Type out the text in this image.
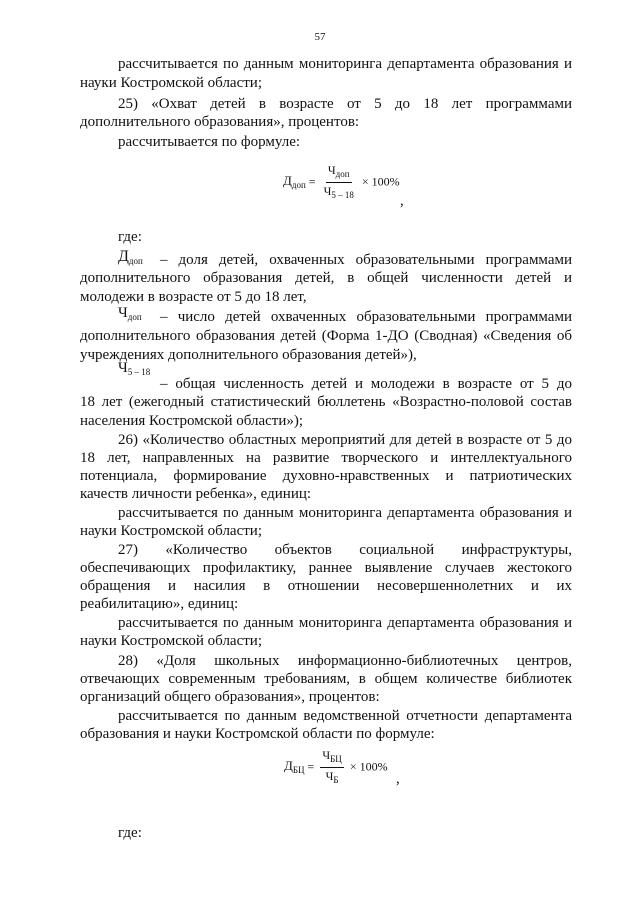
57
рассчитывается по данным мониторинга департамента образования и
науки Костромской области;
25) «Охват детей в возрасте от 5 до 18 лет программами
дополнительного образования», процентов:
рассчитывается по формуле:
$Д_{доп} = \frac{Ч_{доп}}{Ч_{5 - 18}} \times 100\%$
,
где:
$Д_{доп}$ – доля детей, охваченных образовательными программами
дополнительного образования детей, в общей численности детей и
молодежи в возрасте от 5 до 18 лет,
$Ч_{доп}$ – число детей охваченных образовательными программами
дополнительного образования детей (Форма 1-ДО (Сводная) «Сведения об
учреждениях дополнительного образования детей»),
$Ч_{5 - 18}$
– общая численность детей и молодежи в возрасте от 5 до
18 лет (ежегодный статистический бюллетень «Возрастно-половой состав
населения Костромской области»);
26) «Количество областных мероприятий для детей в возрасте от 5 до
18 лет, направленных на развитие творческого и интеллектуального
потенциала, формирование духовно-нравственных и патриотических
качеств личности ребенка», единиц:
рассчитывается по данным мониторинга департамента образования и
науки Костромской области;
27) «Количество объектов социальной инфраструктуры,
обеспечивающих профилактику, раннее выявление случаев жестокого
обращения и насилия в отношении несовершеннолетних и их
реабилитацию», единиц:
рассчитывается по данным мониторинга департамента образования и
науки Костромской области;
28) «Доля школьных информационно-библиотечных центров,
отвечающих современным требованиям, в общем количестве библиотек
организаций общего образования», процентов:
рассчитывается по данным ведомственной отчетности департамента
образования и науки Костромской области по формуле:
$Д_{БЦ} = \frac{Ч_{БЦ}}{Ч_Б} \times 100\%$
,
где:
